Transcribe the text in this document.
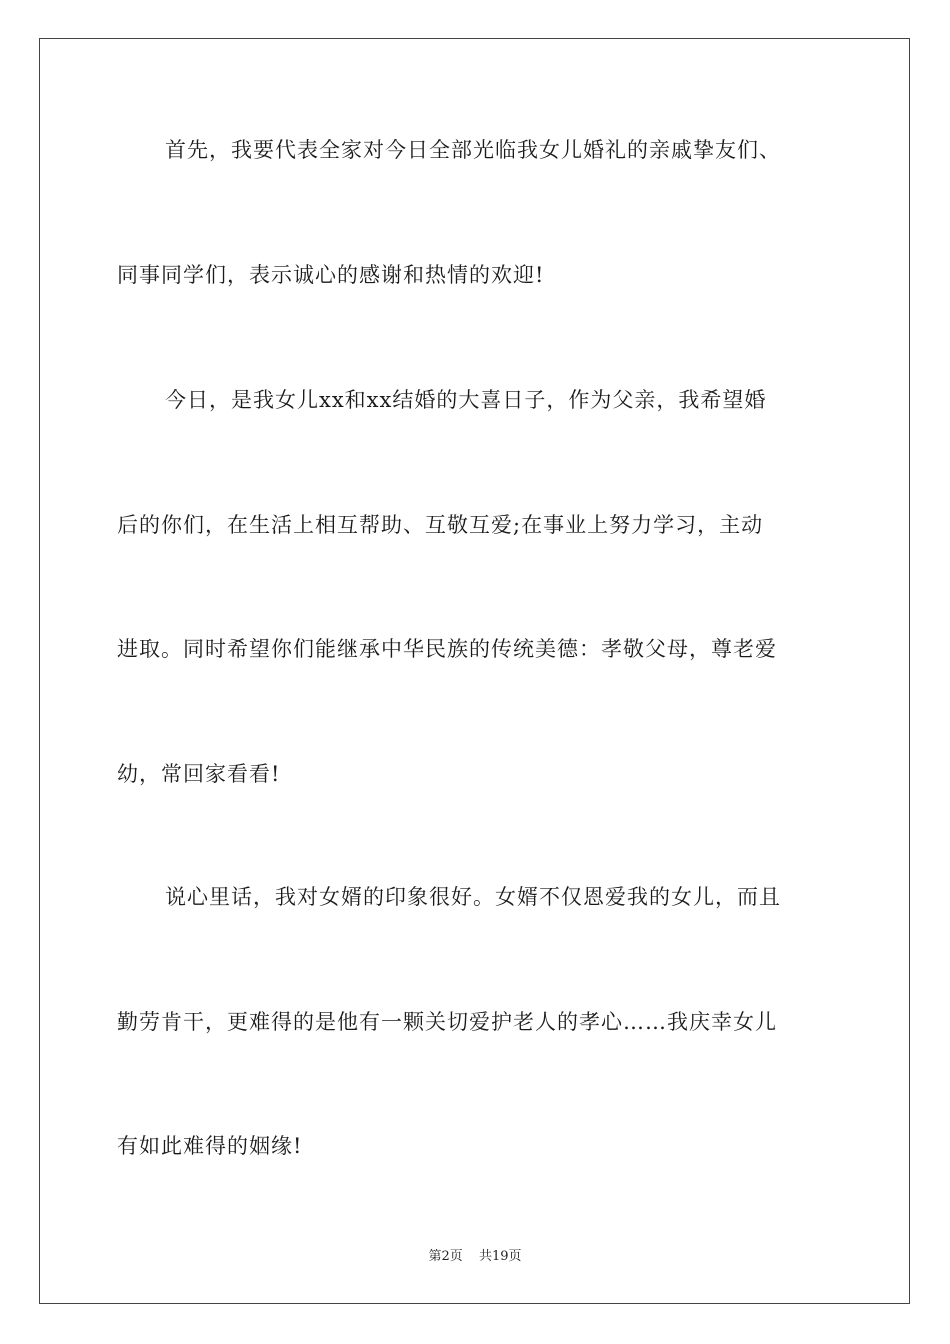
首先，我要代表全家对今日全部光临我女儿婚礼的亲戚挚友们、
同事同学们，表示诚心的感谢和热情的欢迎!
今日，是我女儿xx和xx结婚的大喜日子，作为父亲，我希望婚
后的你们，在生活上相互帮助、互敬互爱;在事业上努力学习，主动
进取。同时希望你们能继承中华民族的传统美德：孝敬父母，尊老爱
幼，常回家看看!
说心里话，我对女婿的印象很好。女婿不仅恩爱我的女儿，而且
勤劳肯干，更难得的是他有一颗关切爱护老人的孝心……我庆幸女儿
有如此难得的姻缘!
第2页 共19页
